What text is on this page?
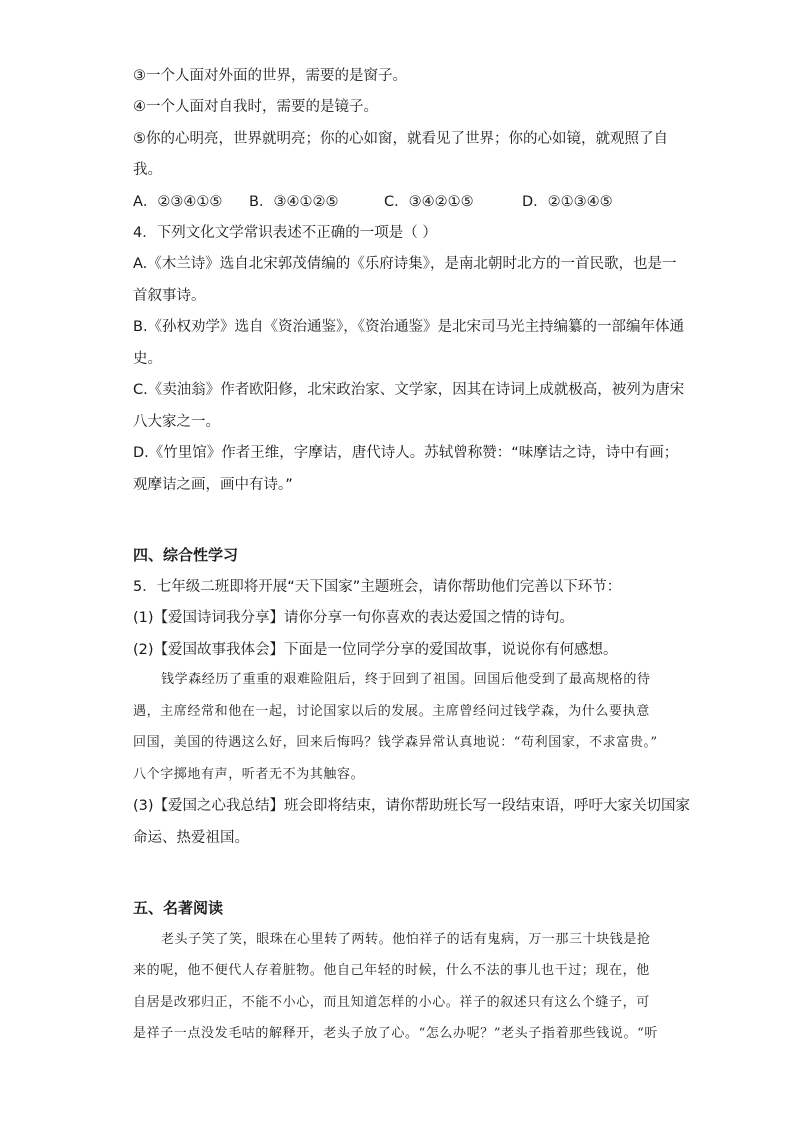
③一个人面对外面的世界，需要的是窗子。
④一个人面对自我时，需要的是镜子。
⑤你的心明亮，世界就明亮；你的心如窗，就看见了世界；你的心如镜，就观照了自
我。
A．②③④①⑤	B．③④①②⑤	C．③④②①⑤	D．②①③④⑤
4．下列文化文学常识表述不正确的一项是（ ）
A.《木兰诗》选自北宋郭茂倩编的《乐府诗集》，是南北朝时北方的一首民歌，也是一
首叙事诗。
B.《孙权劝学》选自《资治通鉴》，《资治通鉴》是北宋司马光主持编纂的一部编年体通
史。
C.《卖油翁》作者欧阳修，北宋政治家、文学家，因其在诗词上成就极高，被列为唐宋
八大家之一。
D.《竹里馆》作者王维，字摩诘，唐代诗人。苏轼曾称赞：“味摩诘之诗，诗中有画；
观摩诘之画，画中有诗。”
四、综合性学习
5．七年级二班即将开展“天下国家”主题班会，请你帮助他们完善以下环节：
(1)【爱国诗词我分享】请你分享一句你喜欢的表达爱国之情的诗句。
(2)【爱国故事我体会】下面是一位同学分享的爱国故事，说说你有何感想。
钱学森经历了重重的艰难险阻后，终于回到了祖国。回国后他受到了最高规格的待
遇，主席经常和他在一起，讨论国家以后的发展。主席曾经问过钱学森，为什么要执意
回国，美国的待遇这么好，回来后悔吗？钱学森异常认真地说：“苟利国家，不求富贵。”
八个字掷地有声，听者无不为其触容。
(3)【爱国之心我总结】班会即将结束，请你帮助班长写一段结束语，呼吁大家关切国家
命运、热爱祖国。
五、名著阅读
老头子笑了笑，眼珠在心里转了两转。他怕祥子的话有鬼病，万一那三十块钱是抢
来的呢，他不便代人存着脏物。他自己年轻的时候，什么不法的事儿也干过；现在，他
自居是改邪归正，不能不小心，而且知道怎样的小心。祥子的叙述只有这么个缝子，可
是祥子一点没发毛咕的解释开，老头子放了心。“怎么办呢？”老头子指着那些钱说。“听
